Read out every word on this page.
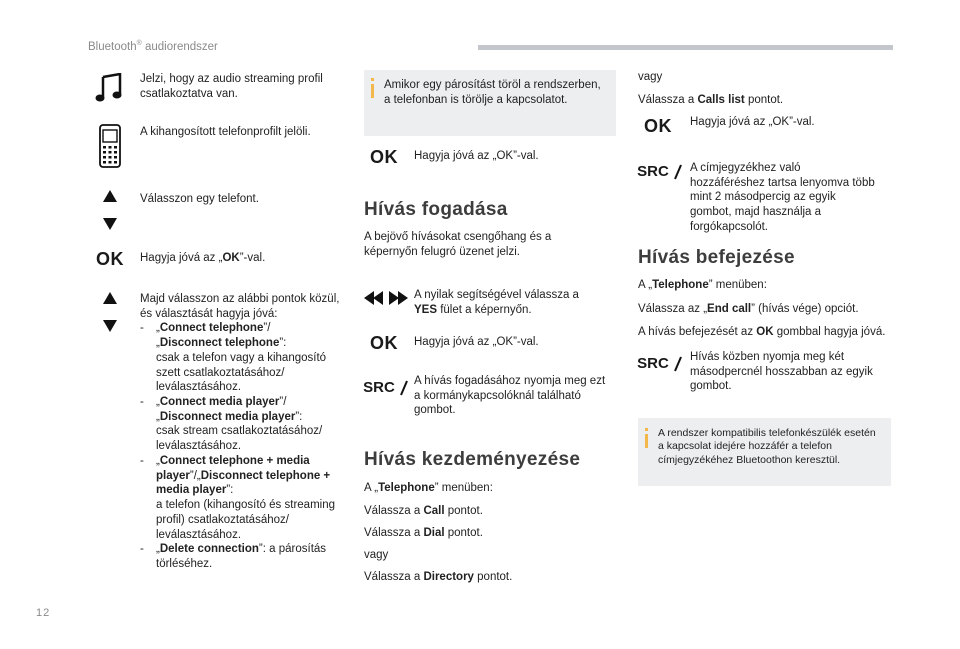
Bluetooth® audiorendszer
Jelzi, hogy az audio streaming profil csatlakoztatva van.
A kihangosított telefonprofilt jelöli.
Válasszon egy telefont.
OK	Hagyja jóvá az „OK”-val.
Majd válasszon az alábbi pontok közül, és választását hagyja jóvá:
-	„Connect telephone”/
„Disconnect telephone”:
csak a telefon vagy a kihangosító szett csatlakoztatásához/ leválasztásához.
-	„Connect media player”/
„Disconnect media player”:
csak stream csatlakoztatásához/ leválasztásához.
-	„Connect telephone + media player”/„Disconnect telephone + media player”:
a telefon (kihangosító és streaming profil) csatlakoztatásához/ leválasztásához.
-	„Delete connection”: a párosítás törléséhez.
Amikor egy párosítást töröl a rendszerben, a telefonban is törölje a kapcsolatot.
OK	Hagyja jóvá az „OK”-val.
Hívás fogadása
A bejövő hívásokat csengőhang és a képernyőn felugró üzenet jelzi.
A nyilak segítségével válassza a YES fület a képernyőn.
OK	Hagyja jóvá az „OK”-val.
SRC A hívás fogadásához nyomja meg ezt a kormánykapcsolóknál található gombot.
Hívás kezdeményezése
A „Telephone” menüben:
Válassza a Call pontot.
Válassza a Dial pontot.
vagy
Válassza a Directory pontot.
vagy
Válassza a Calls list pontot.
OK	Hagyja jóvá az „OK”-val.
SRC A címjegyzékhez való hozzáféréshez tartsa lenyomva több mint 2 másodpercig az egyik gombot, majd használja a forgókapcsolót.
Hívás befejezése
A „Telephone” menüben:
Válassza az „End call” (hívás vége) opciót.
A hívás befejezését az OK gombbal hagyja jóvá.
SRC Hívás közben nyomja meg két másodpercnél hosszabban az egyik gombot.
A rendszer kompatibilis telefonkészülék esetén a kapcsolat idejére hozzáfér a telefon címjegyzékéhez Bluetoothon keresztül.
12
